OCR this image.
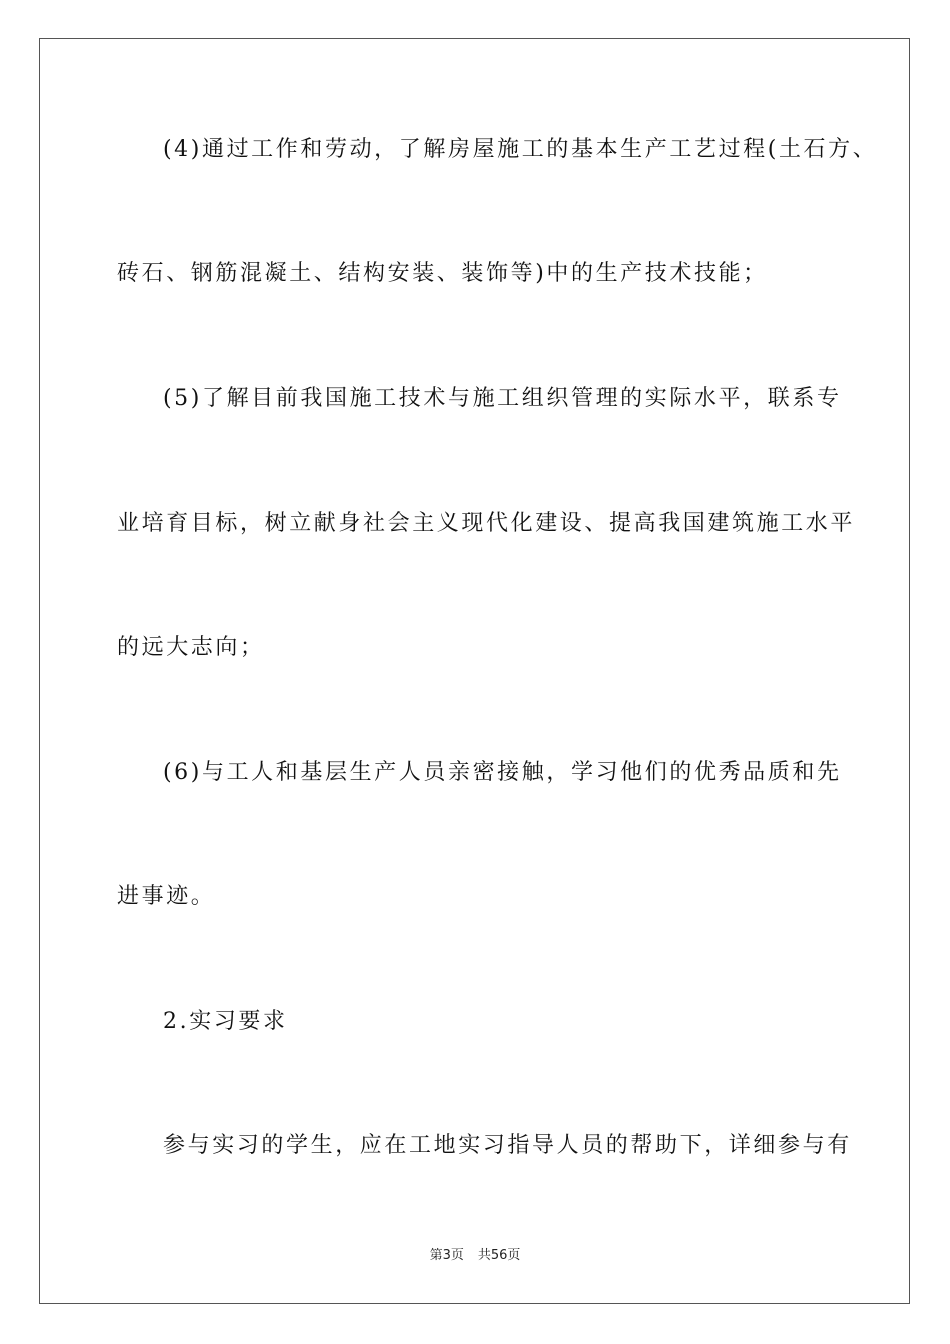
(4)通过工作和劳动，了解房屋施工的基本生产工艺过程(土石方、
砖石、钢筋混凝土、结构安装、装饰等)中的生产技术技能；
(5)了解目前我国施工技术与施工组织管理的实际水平，联系专
业培育目标，树立献身社会主义现代化建设、提高我国建筑施工水平
的远大志向；
(6)与工人和基层生产人员亲密接触，学习他们的优秀品质和先
进事迹。
2.实习要求
参与实习的学生，应在工地实习指导人员的帮助下，详细参与有
第3页 共56页
